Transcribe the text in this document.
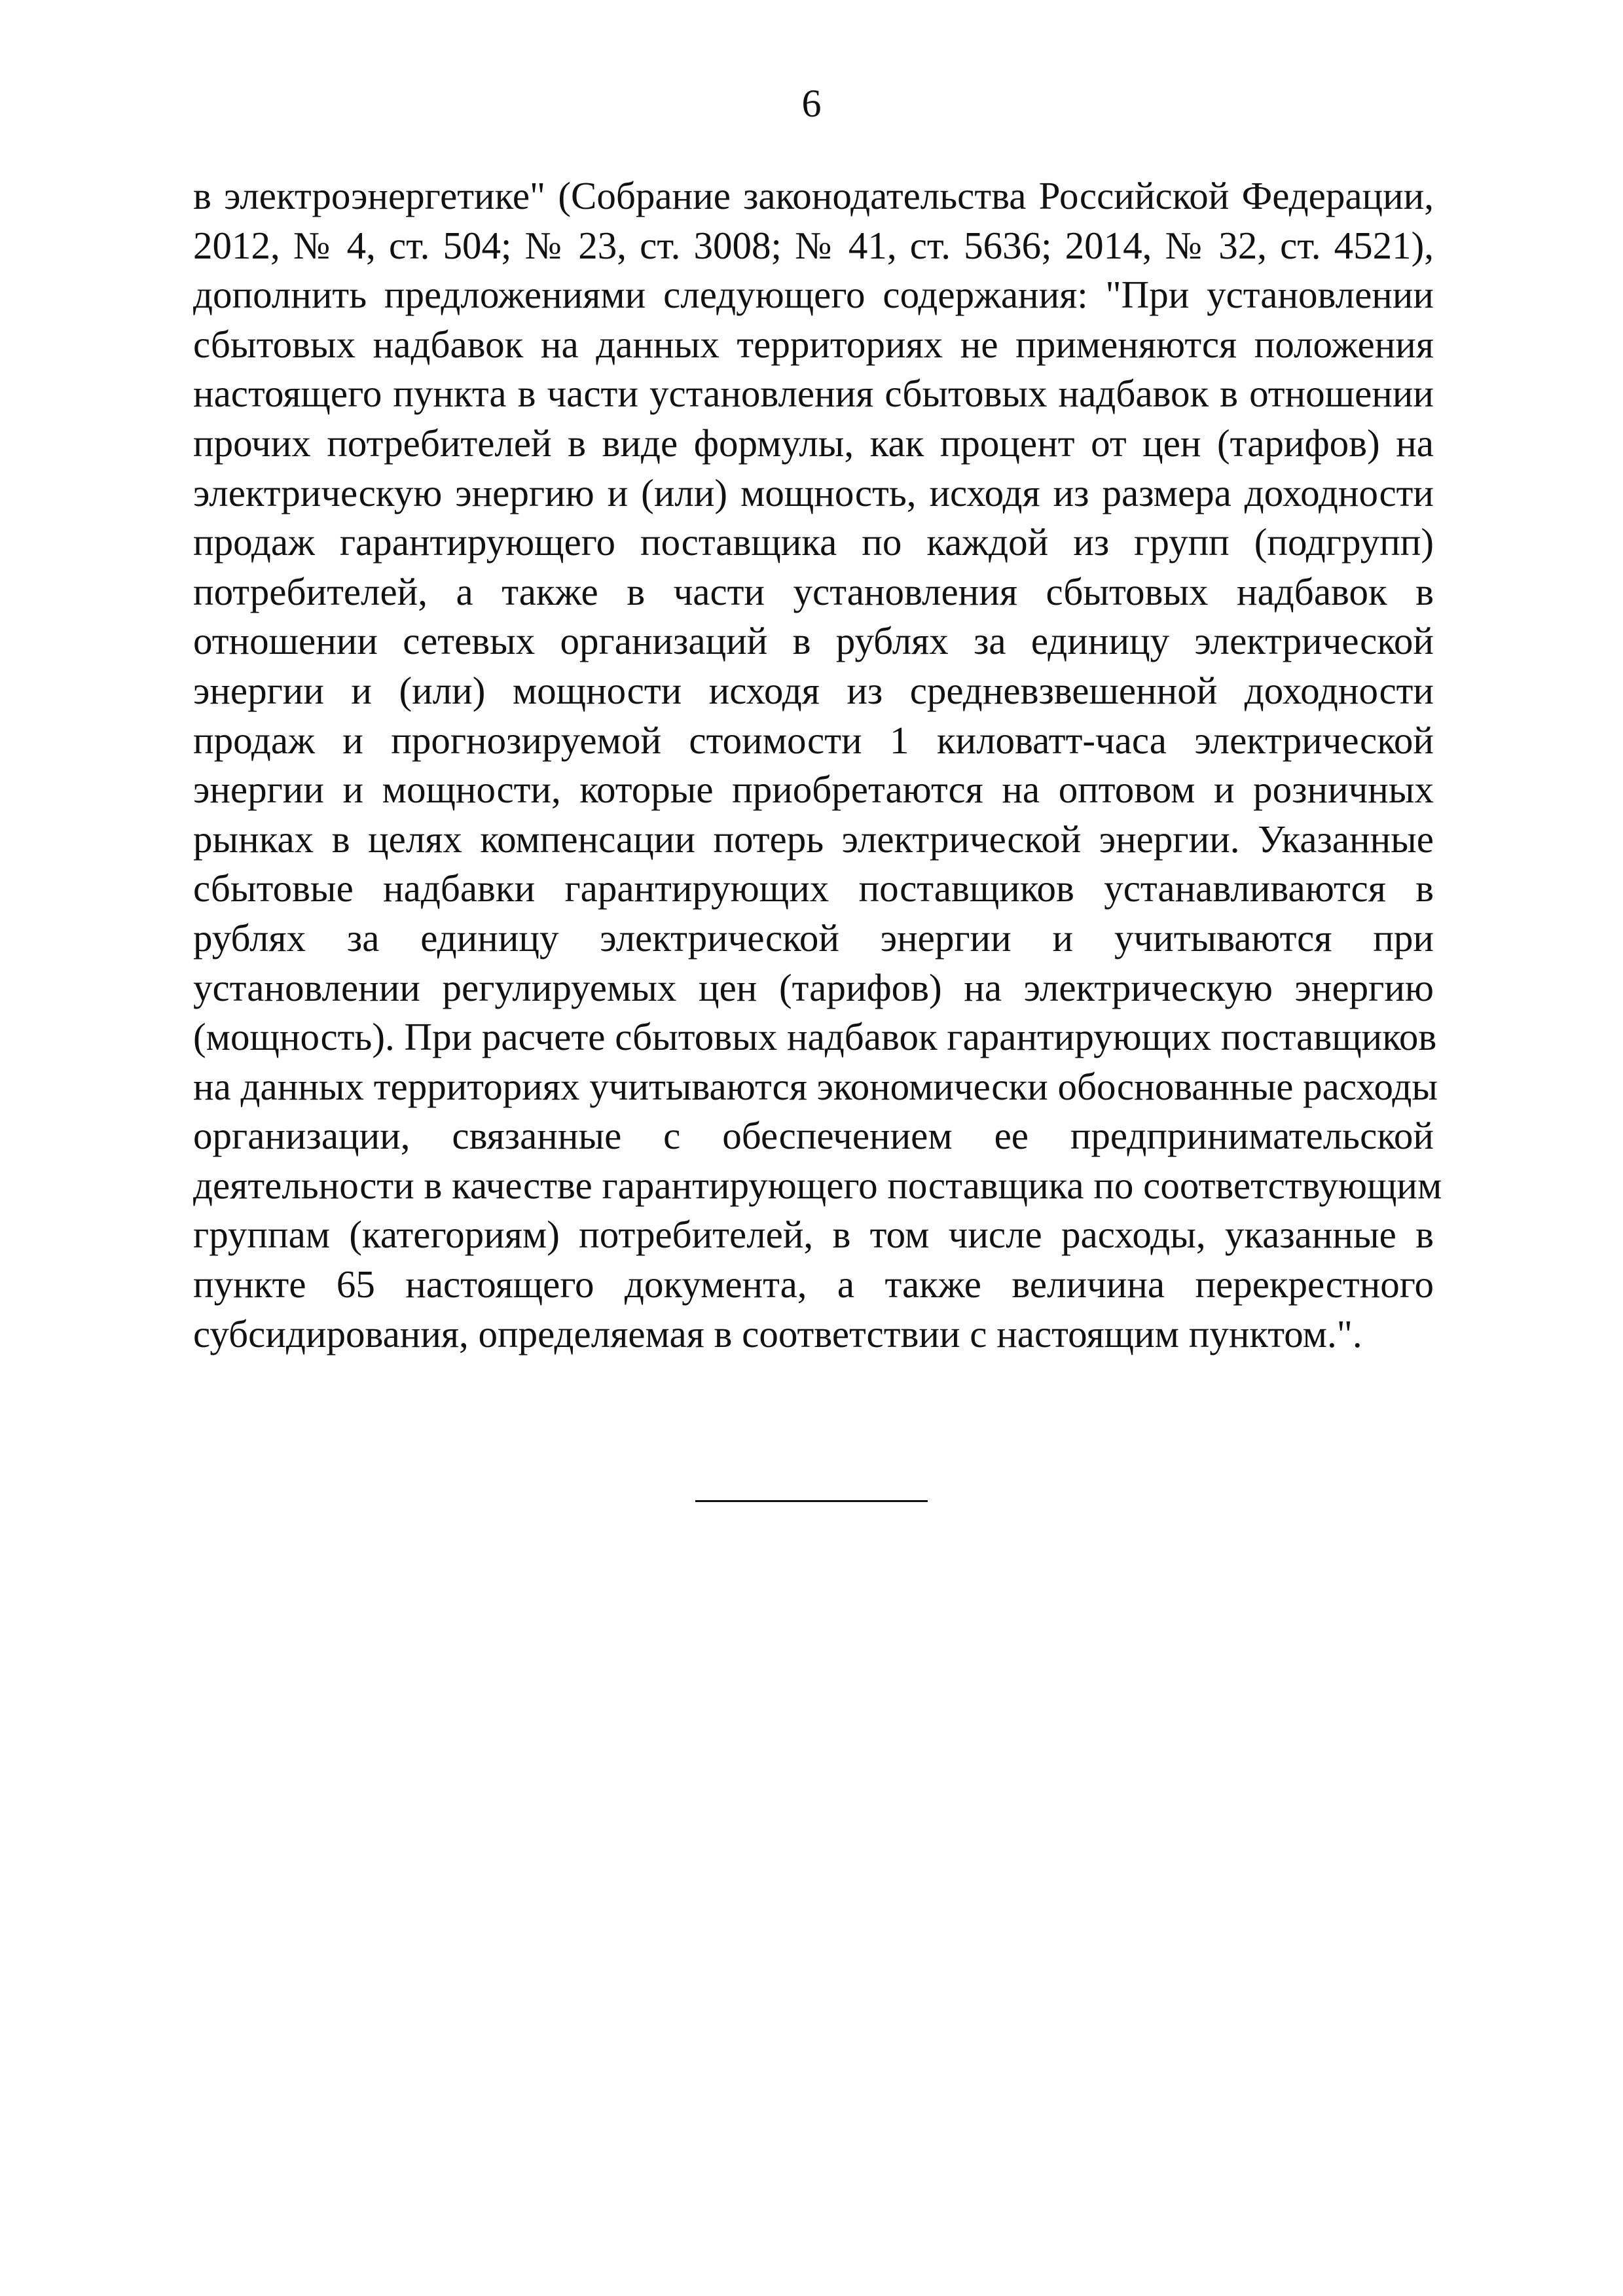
6
в электроэнергетике" (Собрание законодательства Российской Федерации,
2012, № 4, ст. 504; № 23, ст. 3008; № 41, ст. 5636; 2014, № 32, ст. 4521),
дополнить предложениями следующего содержания: "При установлении
сбытовых надбавок на данных территориях не применяются положения
настоящего пункта в части установления сбытовых надбавок в отношении
прочих потребителей в виде формулы, как процент от цен (тарифов) на
электрическую энергию и (или) мощность, исходя из размера доходности
продаж гарантирующего поставщика по каждой из групп (подгрупп)
потребителей, а также в части установления сбытовых надбавок в
отношении сетевых организаций в рублях за единицу электрической
энергии и (или) мощности исходя из средневзвешенной доходности
продаж и прогнозируемой стоимости 1 киловатт-часа электрической
энергии и мощности, которые приобретаются на оптовом и розничных
рынках в целях компенсации потерь электрической энергии. Указанные
сбытовые надбавки гарантирующих поставщиков устанавливаются в
рублях за единицу электрической энергии и учитываются при
установлении регулируемых цен (тарифов) на электрическую энергию
(мощность). При расчете сбытовых надбавок гарантирующих поставщиков
на данных территориях учитываются экономически обоснованные расходы
организации, связанные с обеспечением ее предпринимательской
деятельности в качестве гарантирующего поставщика по соответствующим
группам (категориям) потребителей, в том числе расходы, указанные в
пункте 65 настоящего документа, а также величина перекрестного
субсидирования, определяемая в соответствии с настоящим пунктом.".
